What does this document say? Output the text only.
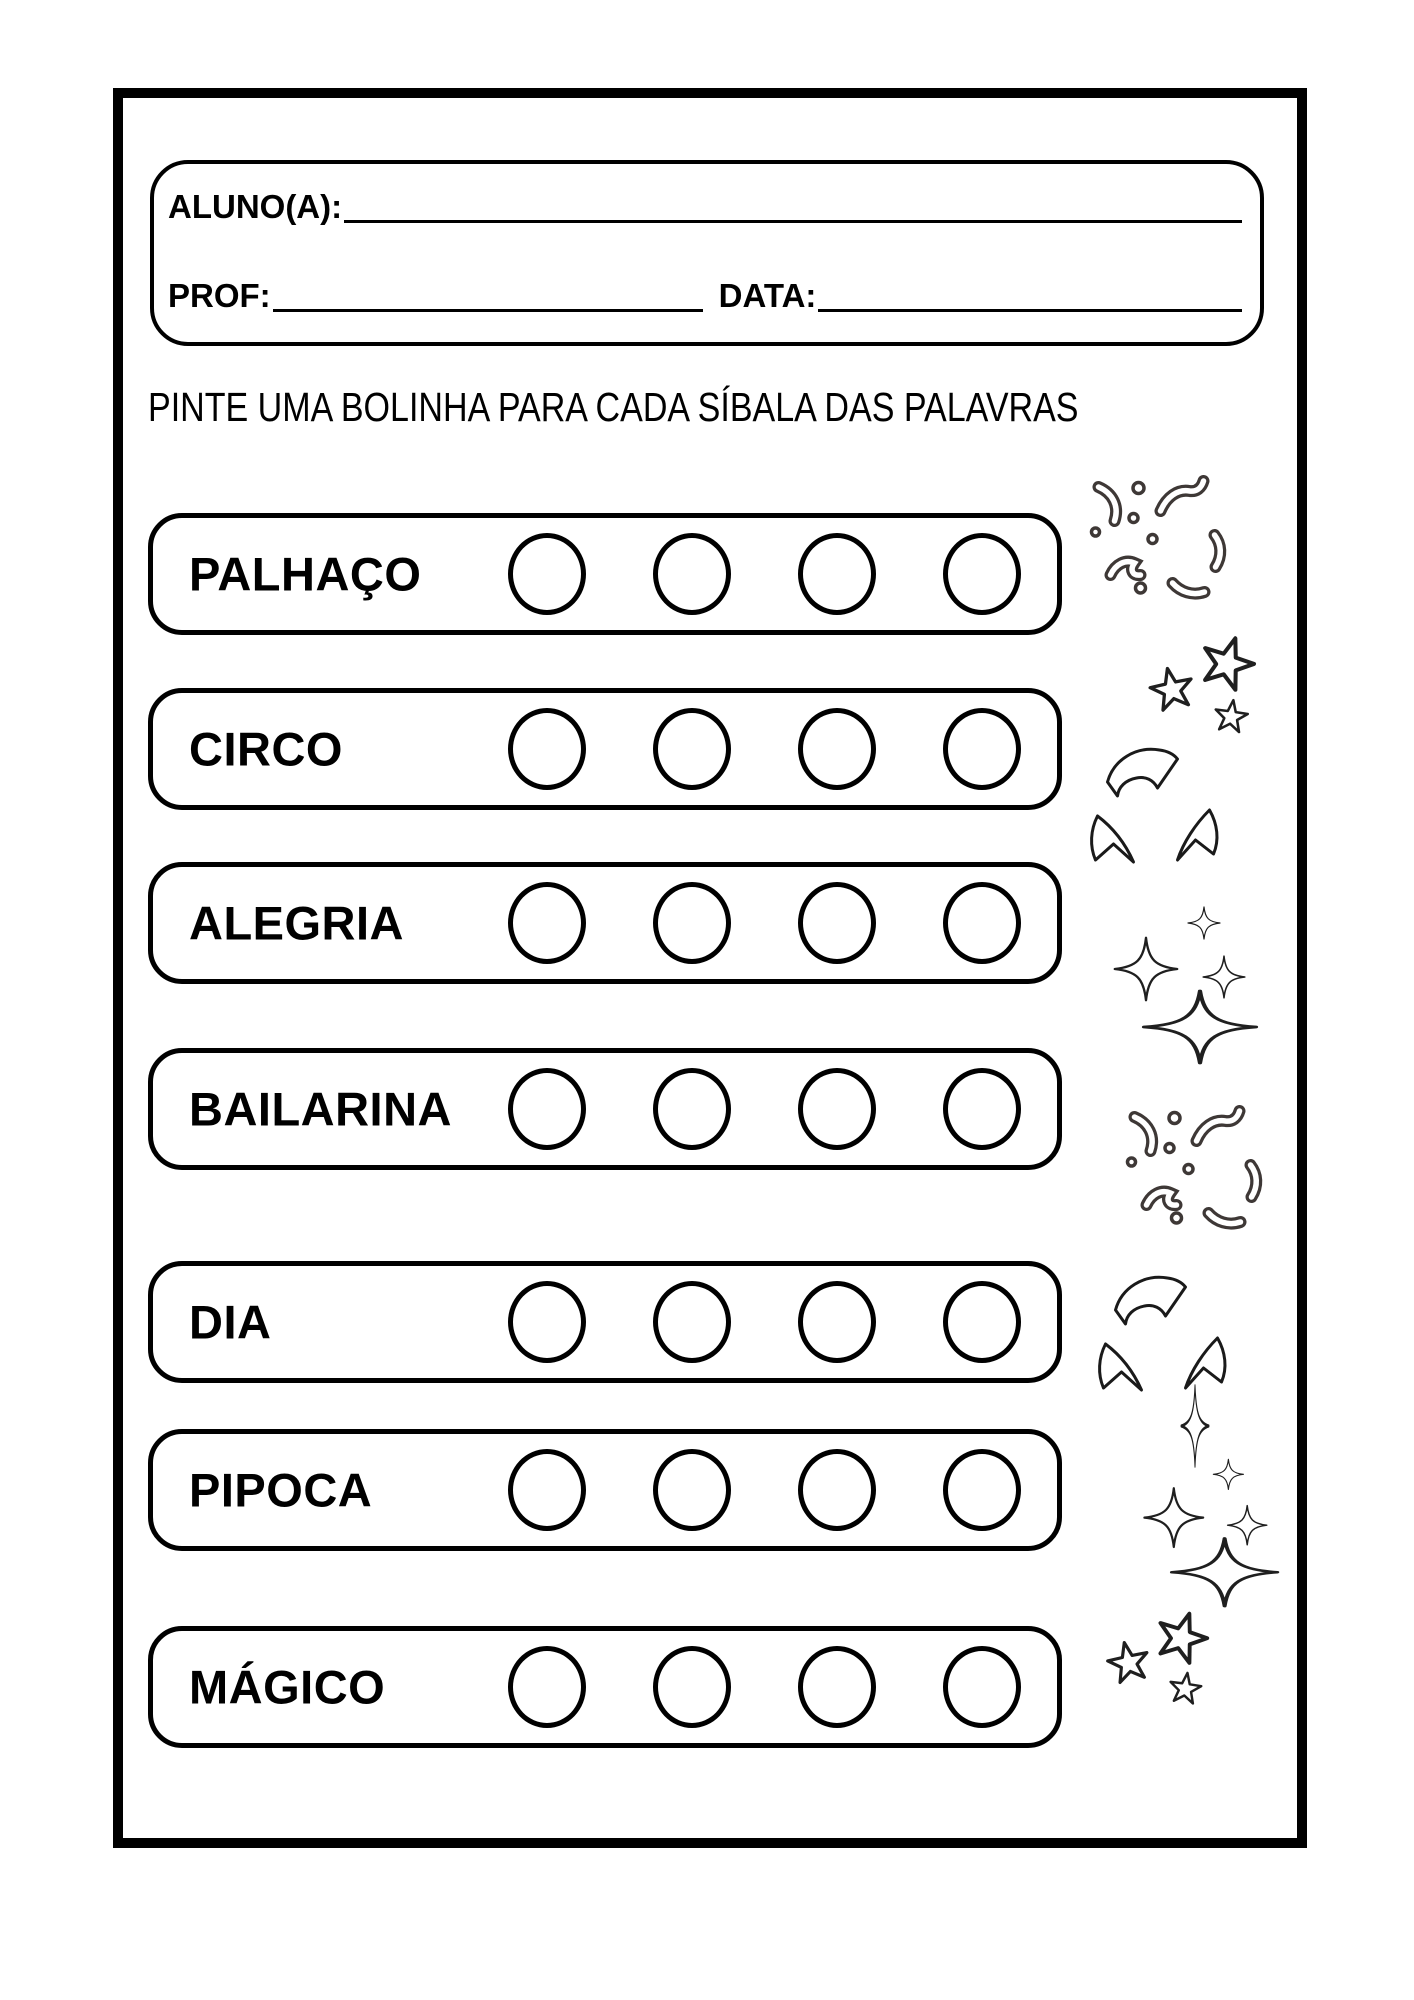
ALUNO(A):
PROF:	DATA:
PINTE UMA BOLINHA PARA CADA SÍBALA DAS PALAVRAS
PALHAÇO
CIRCO
ALEGRIA
BAILARINA
DIA
PIPOCA
MÁGICO
